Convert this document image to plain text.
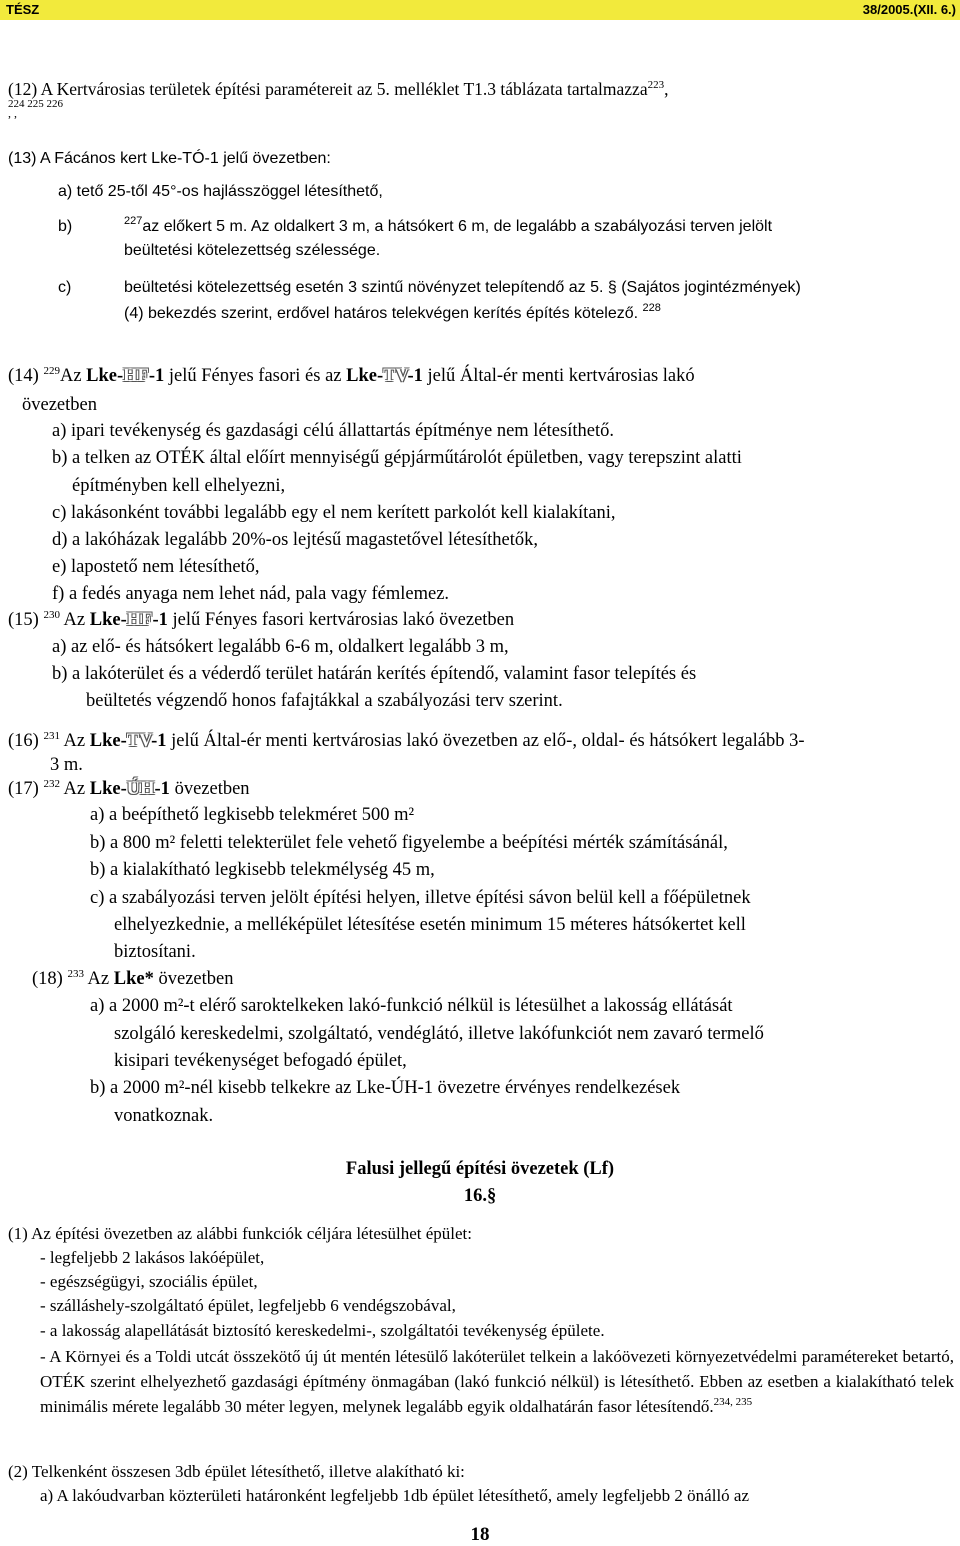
TÉSZ	38/2005.(XII. 6.)
(12) A Kertvárosias területek építési paramétereit az 5. melléklet T1.3 táblázata tartalmazza$^{223}$,
224 225 226
, ,
(13) A Fácános kert Lke-TÓ-1 jelű övezetben:
a) tető 25-től 45°-os hajlásszöggel létesíthető,
b)	$^{227}$az előkert 5 m. Az oldalkert 3 m, a hátsókert 6 m, de legalább a szabályozási terven jelölt
beültetési kötelezettség szélessége.
c)	beültetési kötelezettség esetén 3 szintű növényzet telepítendő az 5. § (Sajátos jogintézmények)
(4) bekezdés szerint, erdővel határos telekvégen kerítés építés kötelező. $^{228}$
(14) $^{229}$Az Lke-HF-1 jelű Fényes fasori és az Lke-TV-1 jelű Által-ér menti kertvárosias lakó
övezetben
a) ipari tevékenység és gazdasági célú állattartás építménye nem létesíthető.
b) a telken az OTÉK által előírt mennyiségű gépjárműtárolót épületben, vagy terepszint alatti
építményben kell elhelyezni,
c) lakásonként további legalább egy el nem kerített parkolót kell kialakítani,
d) a lakóházak legalább 20%-os lejtésű magastetővel létesíthetők,
e) lapostető nem létesíthető,
f) a fedés anyaga nem lehet nád, pala vagy fémlemez.
(15) $^{230}$ Az Lke-HF-1 jelű Fényes fasori kertvárosias lakó övezetben
a) az elő- és hátsókert legalább 6-6 m, oldalkert legalább 3 m,
b) a lakóterület és a véderdő terület határán kerítés építendő, valamint fasor telepítés és
beültetés végzendő honos fafajtákkal a szabályozási terv szerint.
(16) $^{231}$ Az Lke-TV-1 jelű Által-ér menti kertvárosias lakó övezetben az elő-, oldal- és hátsókert legalább 3-
3 m.
(17) $^{232}$ Az Lke-ÚH-1 övezetben
a) a beépíthető legkisebb telekméret 500 m²
b) a 800 m² feletti telekterület fele vehető figyelembe a beépítési mérték számításánál,
b) a kialakítható legkisebb telekmélység 45 m,
c) a szabályozási terven jelölt építési helyen, illetve építési sávon belül kell a főépületnek
elhelyezkednie, a melléképület létesítése esetén minimum 15 méteres hátsókertet kell
biztosítani.
(18) $^{233}$ Az Lke* övezetben
a) a 2000 m²-t elérő saroktelkeken lakó-funkció nélkül is létesülhet a lakosság ellátását
szolgáló kereskedelmi, szolgáltató, vendéglátó, illetve lakófunkciót nem zavaró termelő
kisipari tevékenységet befogadó épület,
b) a 2000 m²-nél kisebb telkekre az Lke-ÚH-1 övezetre érvényes rendelkezések
vonatkoznak.
Falusi jellegű építési övezetek (Lf)
16.§
(1) Az építési övezetben az alábbi funkciók céljára létesülhet épület:
- legfeljebb 2 lakásos lakóépület,
- egészségügyi, szociális épület,
- szálláshely-szolgáltató épület, legfeljebb 6 vendégszobával,
- a lakosság alapellátását biztosító kereskedelmi-, szolgáltatói tevékenység épülete.
- A Környei és a Toldi utcát összekötő új út mentén létesülő lakóterület telkein a lakóövezeti környezetvédelmi paramétereket betartó, OTÉK szerint elhelyezhető gazdasági építmény önmagában (lakó funkció nélkül) is létesíthető. Ebben az esetben a kialakítható telek minimális mérete legalább 30 méter legyen, melynek legalább egyik oldalhatárán fasor létesítendő.$^{234, 235}$
(2) Telkenként összesen 3db épület létesíthető, illetve alakítható ki:
a) A lakóudvarban közterületi határonként legfeljebb 1db épület létesíthető, amely legfeljebb 2 önálló az
18
